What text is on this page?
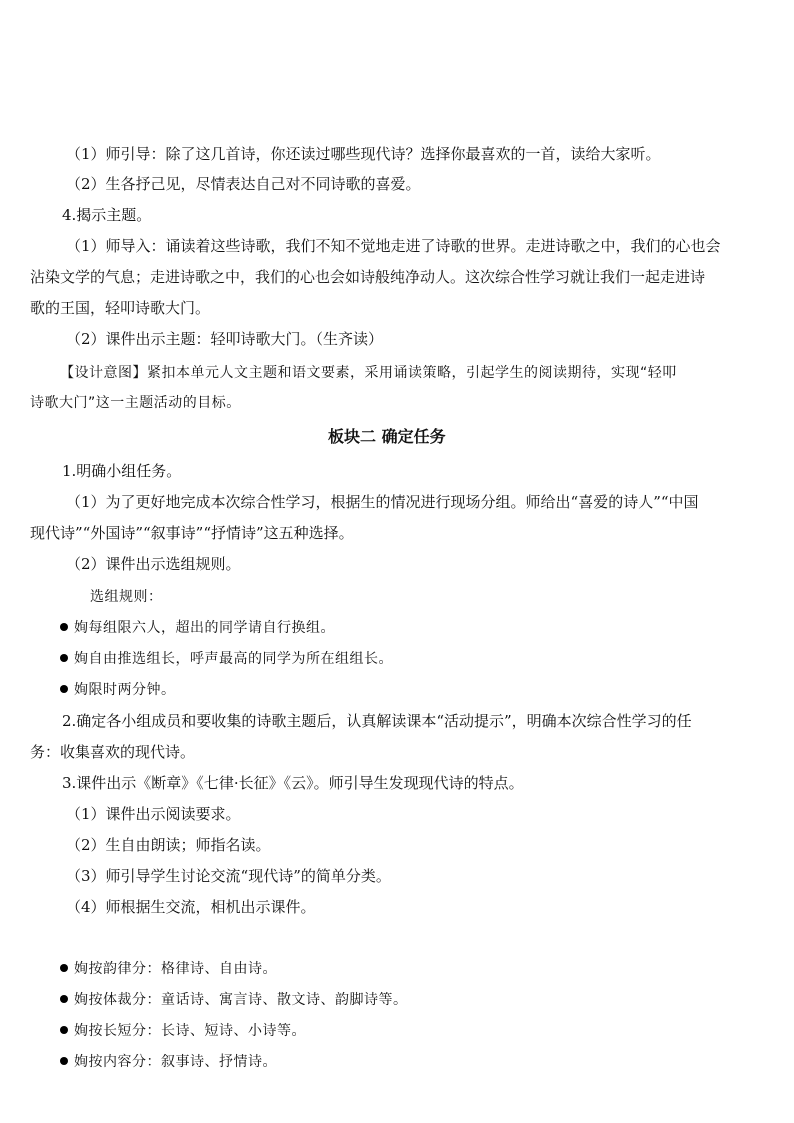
（1）师引导：除了这几首诗，你还读过哪些现代诗？选择你最喜欢的一首，读给大家听。
（2）生各抒己见，尽情表达自己对不同诗歌的喜爱。
4.揭示主题。
（1）师导入：诵读着这些诗歌，我们不知不觉地走进了诗歌的世界。走进诗歌之中，我们的心也会
沾染文学的气息；走进诗歌之中，我们的心也会如诗般纯净动人。这次综合性学习就让我们一起走进诗
歌的王国，轻叩诗歌大门。
（2）课件出示主题：轻叩诗歌大门。（生齐读）
【设计意图】紧扣本单元人文主题和语文要素，采用诵读策略，引起学生的阅读期待，实现“轻叩
诗歌大门”这一主题活动的目标。
板块二 确定任务
1.明确小组任务。
（1）为了更好地完成本次综合性学习，根据生的情况进行现场分组。师给出“喜爱的诗人”“中国
现代诗”“外国诗”“叙事诗”“抒情诗”这五种选择。
（2）课件出示选组规则。
选组规则：
姰每组限六人，超出的同学请自行换组。
姰自由推选组长，呼声最高的同学为所在组组长。
姰限时两分钟。
2.确定各小组成员和要收集的诗歌主题后，认真解读课本“活动提示”，明确本次综合性学习的任
务：收集喜欢的现代诗。
3.课件出示《断章》《七律·长征》《云》。师引导生发现现代诗的特点。
（1）课件出示阅读要求。
（2）生自由朗读；师指名读。
（3）师引导学生讨论交流“现代诗”的简单分类。
（4）师根据生交流，相机出示课件。
姰按韵律分：格律诗、自由诗。
姰按体裁分：童话诗、寓言诗、散文诗、韵脚诗等。
姰按长短分：长诗、短诗、小诗等。
姰按内容分：叙事诗、抒情诗。
